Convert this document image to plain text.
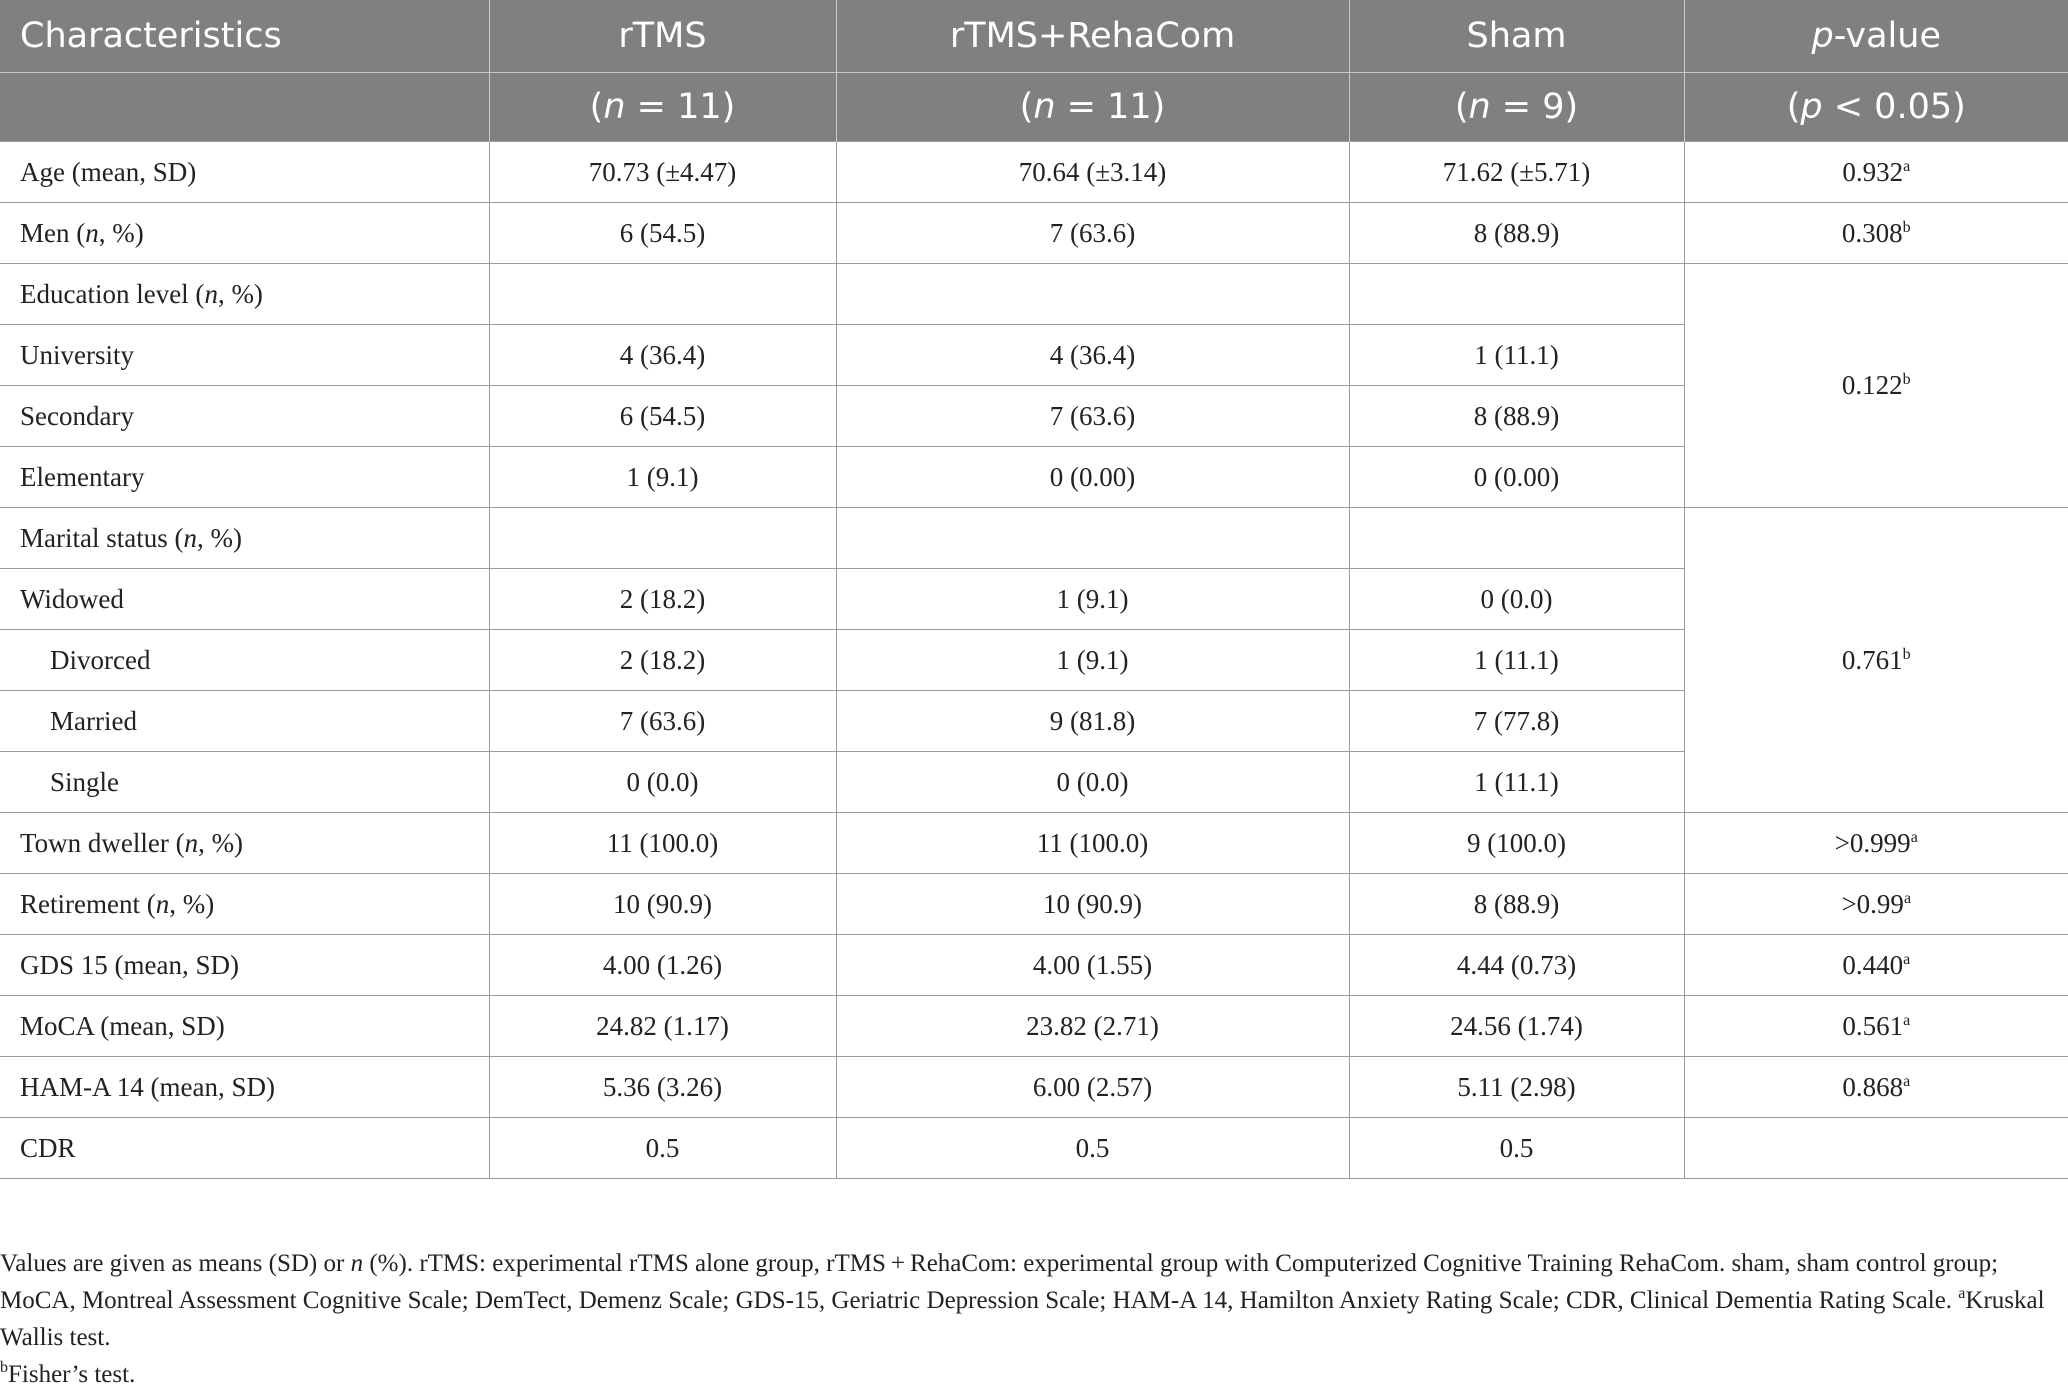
Characteristics	rTMS	rTMS+RehaCom	Sham	p-value
	(n = 11)	(n = 11)	(n = 9)	(p < 0.05)
Age (mean, SD)	70.73 (±4.47)	70.64 (±3.14)	71.62 (±5.71)	0.932$^a$
Men (n, %)	6 (54.5)	7 (63.6)	8 (88.9)	0.308$^b$
Education level (n, %)				0.122$^b$
University	4 (36.4)	4 (36.4)	1 (11.1)	
Secondary	6 (54.5)	7 (63.6)	8 (88.9)	
Elementary	1 (9.1)	0 (0.00)	0 (0.00)	
Marital status (n, %)				0.761$^b$
Widowed	2 (18.2)	1 (9.1)	0 (0.0)	
Divorced	2 (18.2)	1 (9.1)	1 (11.1)	
Married	7 (63.6)	9 (81.8)	7 (77.8)	
Single	0 (0.0)	0 (0.0)	1 (11.1)	
Town dweller (n, %)	11 (100.0)	11 (100.0)	9 (100.0)	>0.999$^a$
Retirement (n, %)	10 (90.9)	10 (90.9)	8 (88.9)	>0.99$^a$
GDS 15 (mean, SD)	4.00 (1.26)	4.00 (1.55)	4.44 (0.73)	0.440$^a$
MoCA (mean, SD)	24.82 (1.17)	23.82 (2.71)	24.56 (1.74)	0.561$^a$
HAM-A 14 (mean, SD)	5.36 (3.26)	6.00 (2.57)	5.11 (2.98)	0.868$^a$
CDR	0.5	0.5	0.5	

Values are given as means (SD) or n (%). rTMS: experimental rTMS alone group, rTMS + RehaCom: experimental group with Computerized Cognitive Training RehaCom. sham, sham control group; MoCA, Montreal Assessment Cognitive Scale; DemTect, Demenz Scale; GDS-15, Geriatric Depression Scale; HAM-A 14, Hamilton Anxiety Rating Scale; CDR, Clinical Dementia Rating Scale. $^a$Kruskal Wallis test.

$^b$Fisher’s test.
